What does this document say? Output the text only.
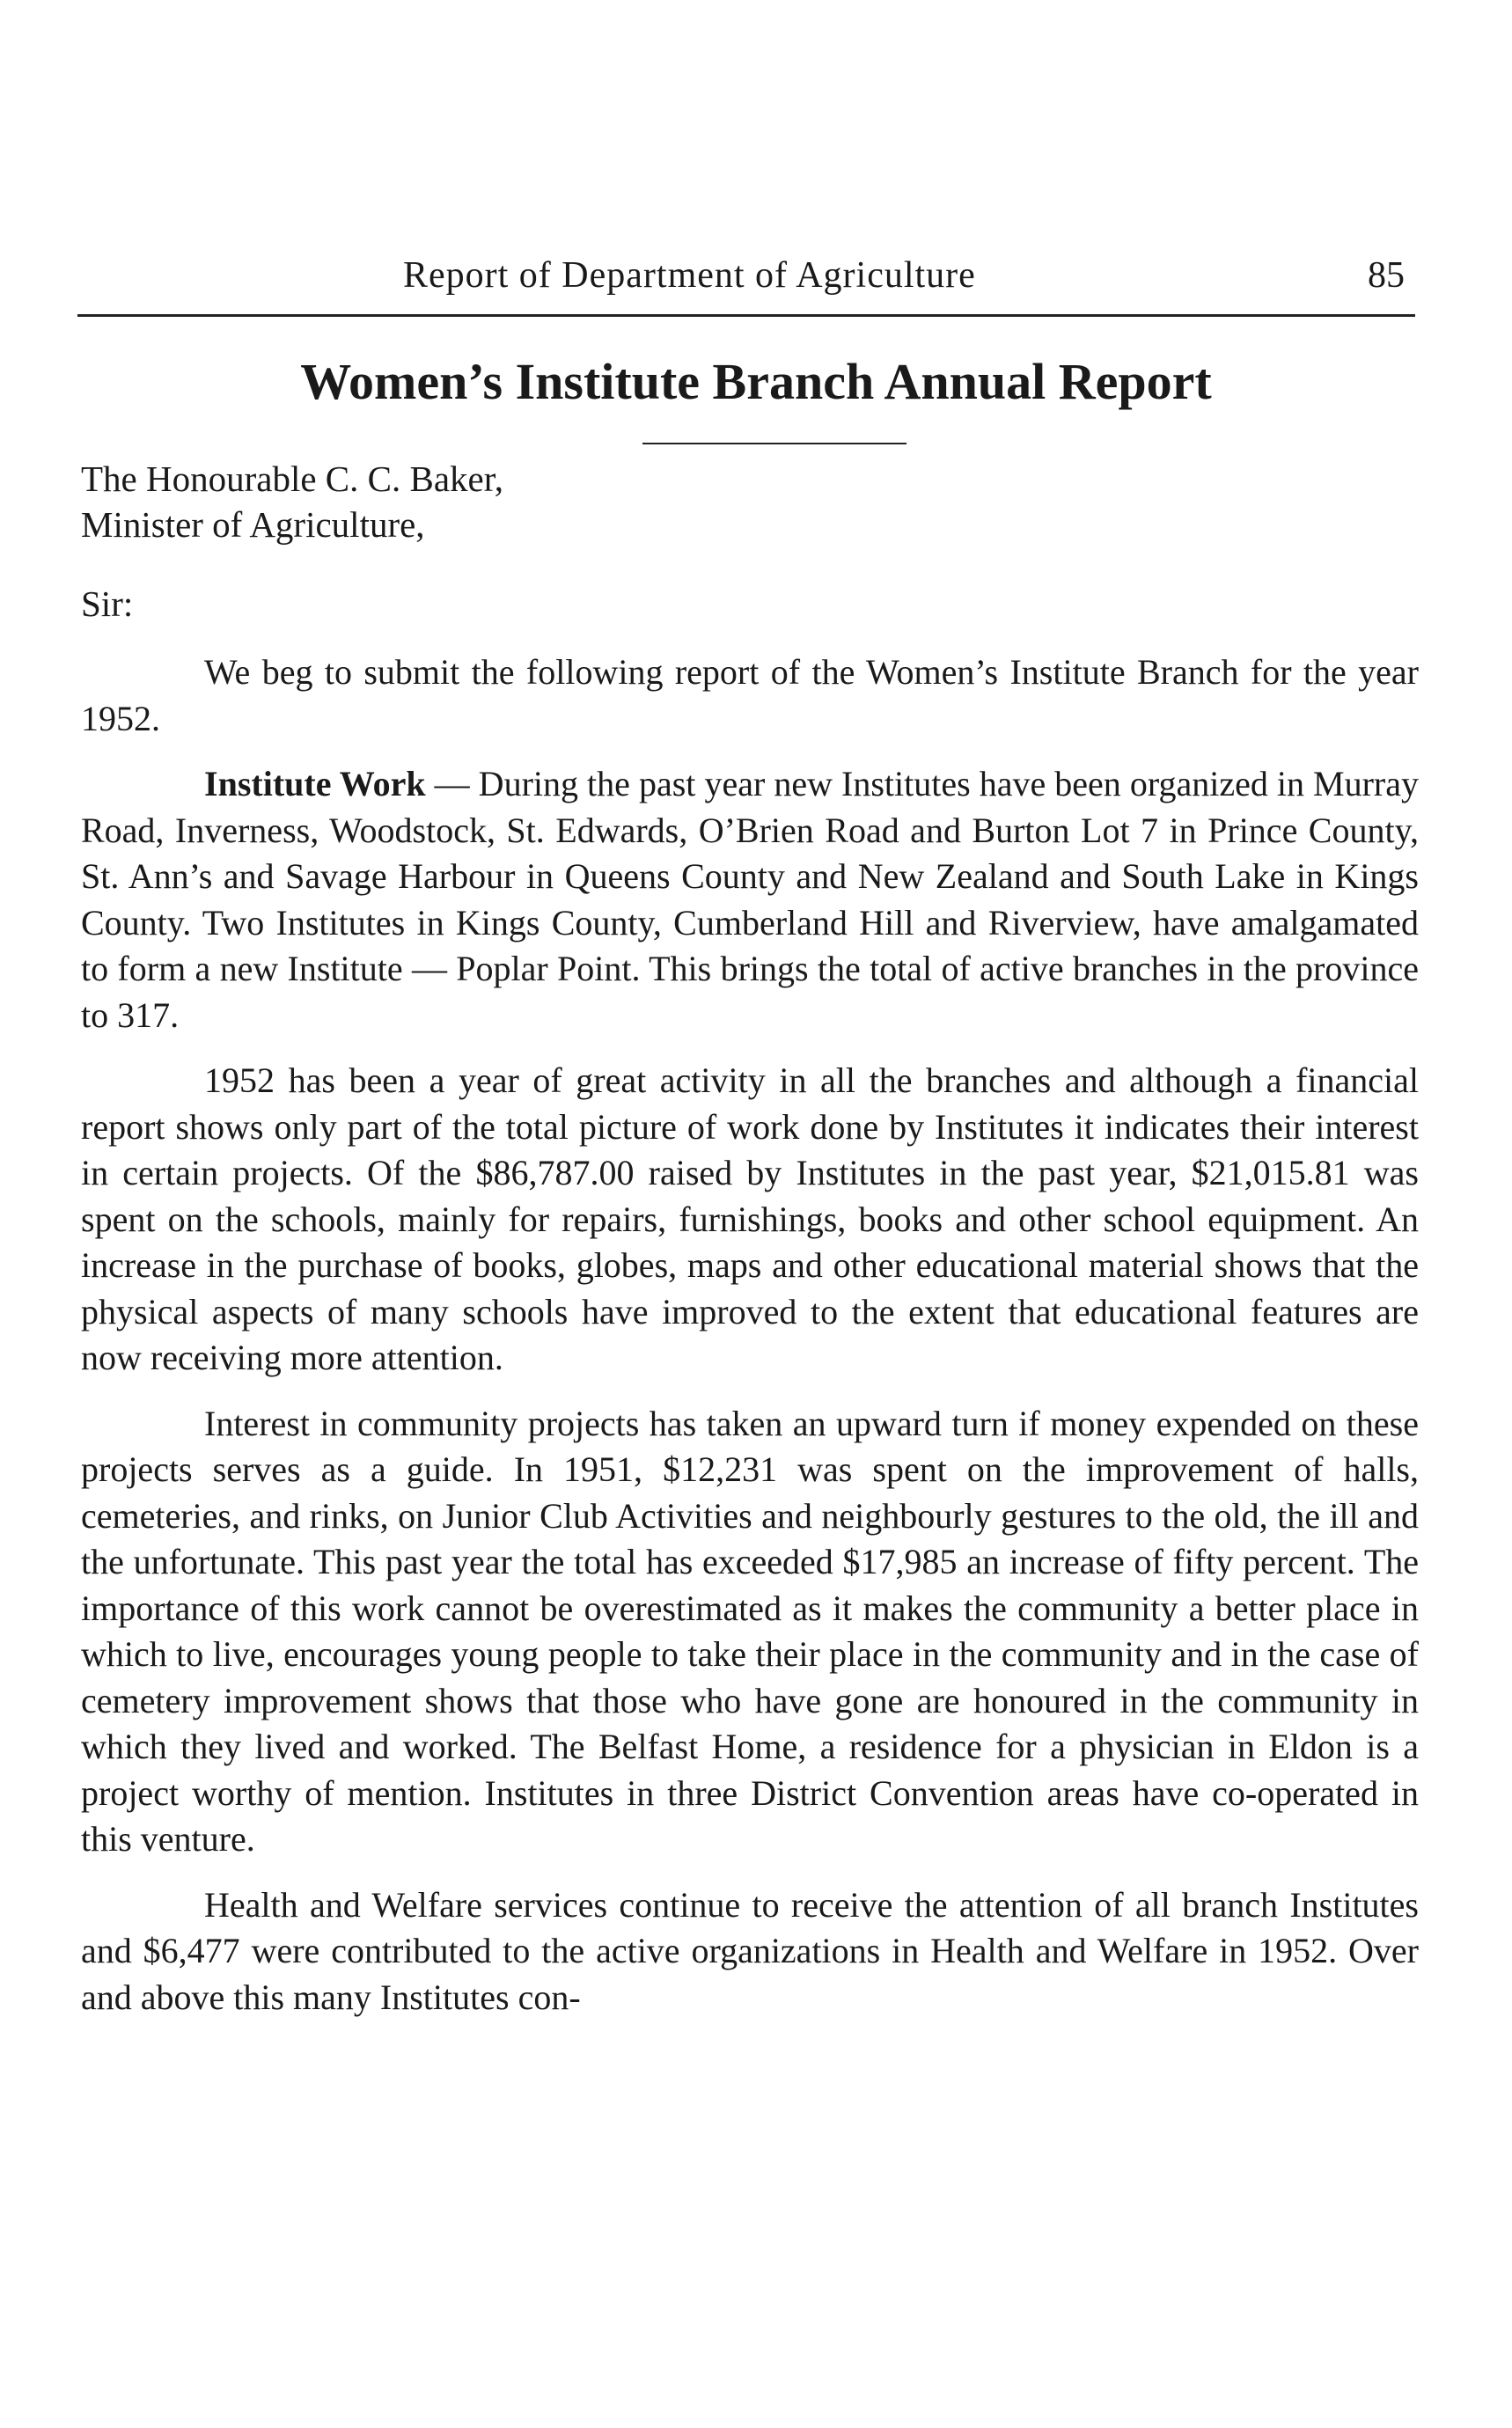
Report of Department of Agriculture	85
Women’s Institute Branch Annual Report
The Honourable C. C. Baker,
Minister of Agriculture,
Sir:

We beg to submit the following report of the Women’s Institute Branch for the year 1952.

Institute Work — During the past year new Institutes have been organized in Murray Road, Inverness, Woodstock, St. Edwards, O’Brien Road and Burton Lot 7 in Prince County, St. Ann’s and Savage Harbour in Queens County and New Zealand and South Lake in Kings County. Two Institutes in Kings County, Cumberland Hill and Riverview, have amalgamated to form a new Institute — Poplar Point. This brings the total of active branches in the province to 317.

1952 has been a year of great activity in all the branches and although a financial report shows only part of the total picture of work done by Institutes it indicates their interest in certain projects. Of the $86,787.00 raised by Institutes in the past year, $21,015.81 was spent on the schools, mainly for repairs, furnishings, books and other school equipment. An increase in the purchase of books, globes, maps and other educational material shows that the physical aspects of many schools have improved to the extent that educational features are now receiving more attention.

Interest in community projects has taken an upward turn if money expended on these projects serves as a guide. In 1951, $12,231 was spent on the improvement of halls, cemeteries, and rinks, on Junior Club Activities and neighbourly gestures to the old, the ill and the unfortunate. This past year the total has exceeded $17,985 an increase of fifty percent. The importance of this work cannot be overestimated as it makes the community a better place in which to live, encourages young people to take their place in the community and in the case of cemetery improvement shows that those who have gone are honoured in the community in which they lived and worked. The Belfast Home, a residence for a physician in Eldon is a project worthy of mention. Institutes in three District Convention areas have co-operated in this venture.

Health and Welfare services continue to receive the attention of all branch Institutes and $6,477 were contributed to the active organizations in Health and Welfare in 1952. Over and above this many Institutes con-
